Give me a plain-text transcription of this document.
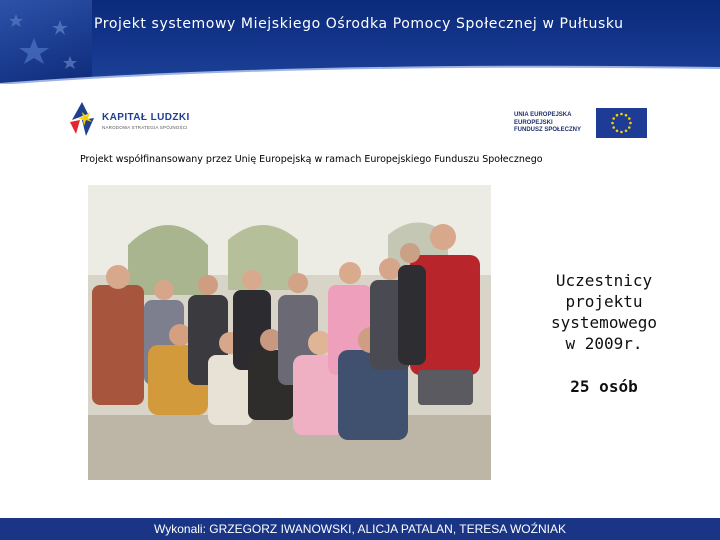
Projekt systemowy Miejskiego Ośrodka Pomocy Społecznej w Pułtusku
KAPITAŁ LUDZKI
NARODOWA STRATEGIA SPÓJNOŚCI
UNIA EUROPEJSKA
EUROPEJSKI
FUNDUSZ SPOŁECZNY
Projekt współfinansowany przez Unię Europejską w ramach Europejskiego Funduszu Społecznego
Uczestnicy
projektu
systemowego
w 2009r.
25 osób
Wykonali: GRZEGORZ IWANOWSKI, ALICJA PATALAN, TERESA WOŹNIAK
